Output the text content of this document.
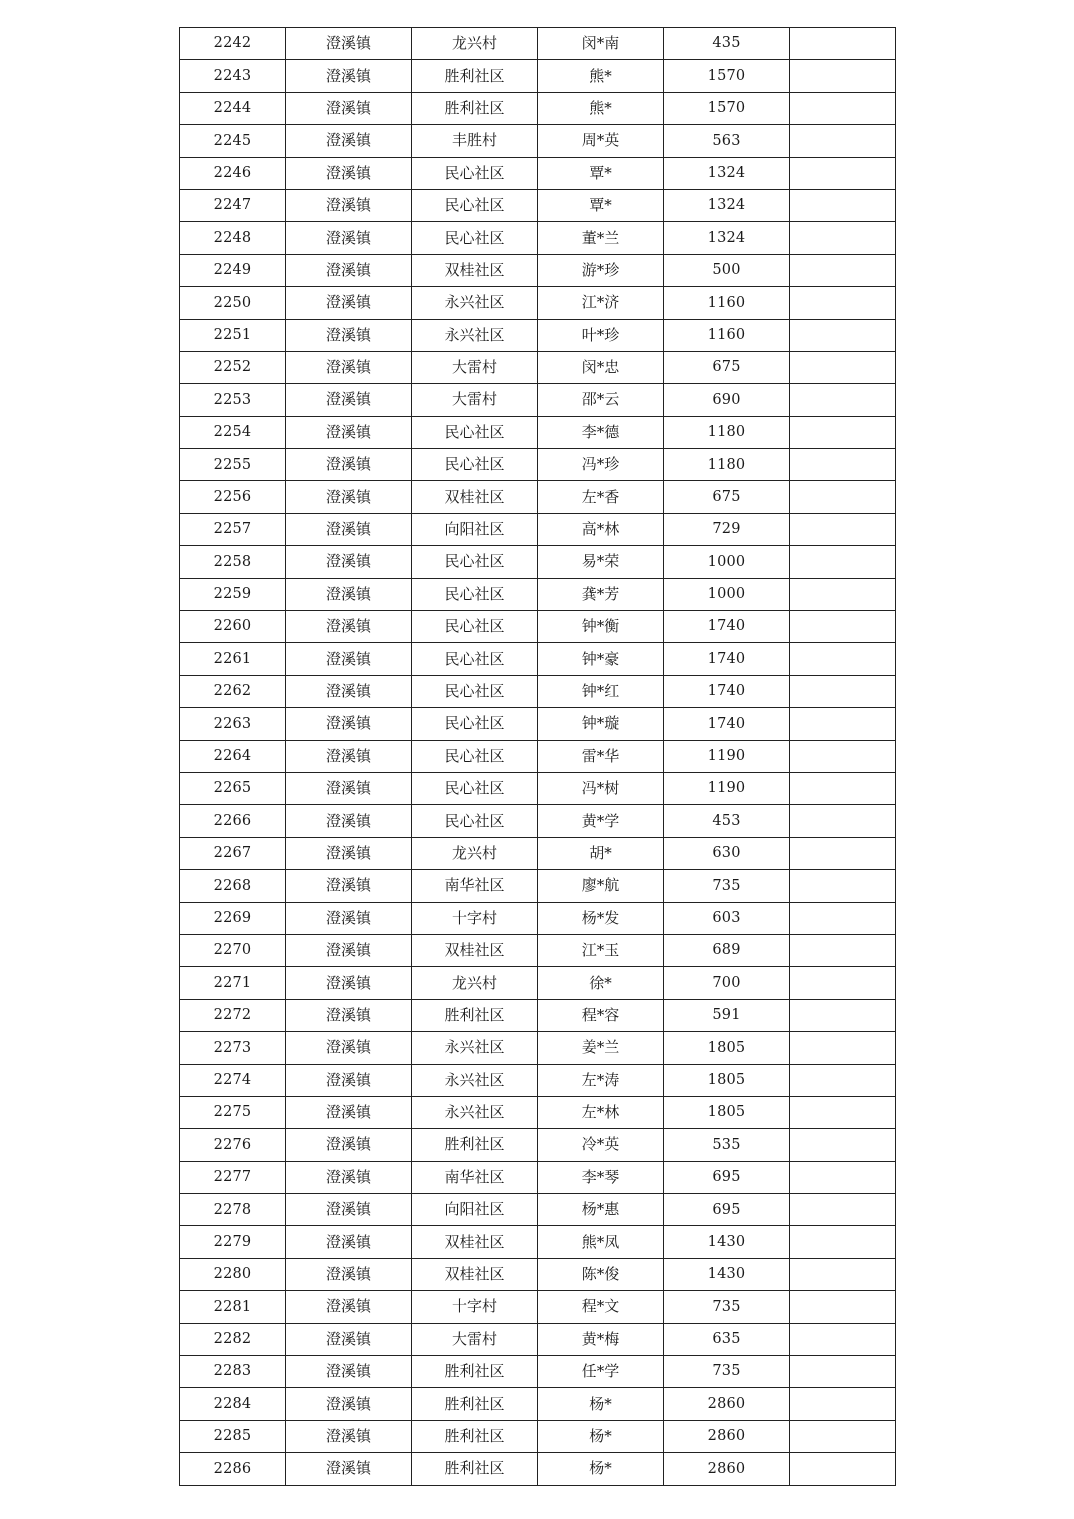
2242	澄溪镇	龙兴村	闵*南	435	
2243	澄溪镇	胜利社区	熊*	1570	
2244	澄溪镇	胜利社区	熊*	1570	
2245	澄溪镇	丰胜村	周*英	563	
2246	澄溪镇	民心社区	覃*	1324	
2247	澄溪镇	民心社区	覃*	1324	
2248	澄溪镇	民心社区	董*兰	1324	
2249	澄溪镇	双桂社区	游*珍	500	
2250	澄溪镇	永兴社区	江*济	1160	
2251	澄溪镇	永兴社区	叶*珍	1160	
2252	澄溪镇	大雷村	闵*忠	675	
2253	澄溪镇	大雷村	邵*云	690	
2254	澄溪镇	民心社区	李*德	1180	
2255	澄溪镇	民心社区	冯*珍	1180	
2256	澄溪镇	双桂社区	左*香	675	
2257	澄溪镇	向阳社区	高*林	729	
2258	澄溪镇	民心社区	易*荣	1000	
2259	澄溪镇	民心社区	龚*芳	1000	
2260	澄溪镇	民心社区	钟*衡	1740	
2261	澄溪镇	民心社区	钟*豪	1740	
2262	澄溪镇	民心社区	钟*红	1740	
2263	澄溪镇	民心社区	钟*璇	1740	
2264	澄溪镇	民心社区	雷*华	1190	
2265	澄溪镇	民心社区	冯*树	1190	
2266	澄溪镇	民心社区	黄*学	453	
2267	澄溪镇	龙兴村	胡*	630	
2268	澄溪镇	南华社区	廖*航	735	
2269	澄溪镇	十字村	杨*发	603	
2270	澄溪镇	双桂社区	江*玉	689	
2271	澄溪镇	龙兴村	徐*	700	
2272	澄溪镇	胜利社区	程*容	591	
2273	澄溪镇	永兴社区	姜*兰	1805	
2274	澄溪镇	永兴社区	左*涛	1805	
2275	澄溪镇	永兴社区	左*林	1805	
2276	澄溪镇	胜利社区	冷*英	535	
2277	澄溪镇	南华社区	李*琴	695	
2278	澄溪镇	向阳社区	杨*惠	695	
2279	澄溪镇	双桂社区	熊*凤	1430	
2280	澄溪镇	双桂社区	陈*俊	1430	
2281	澄溪镇	十字村	程*文	735	
2282	澄溪镇	大雷村	黄*梅	635	
2283	澄溪镇	胜利社区	任*学	735	
2284	澄溪镇	胜利社区	杨*	2860	
2285	澄溪镇	胜利社区	杨*	2860	
2286	澄溪镇	胜利社区	杨*	2860	
